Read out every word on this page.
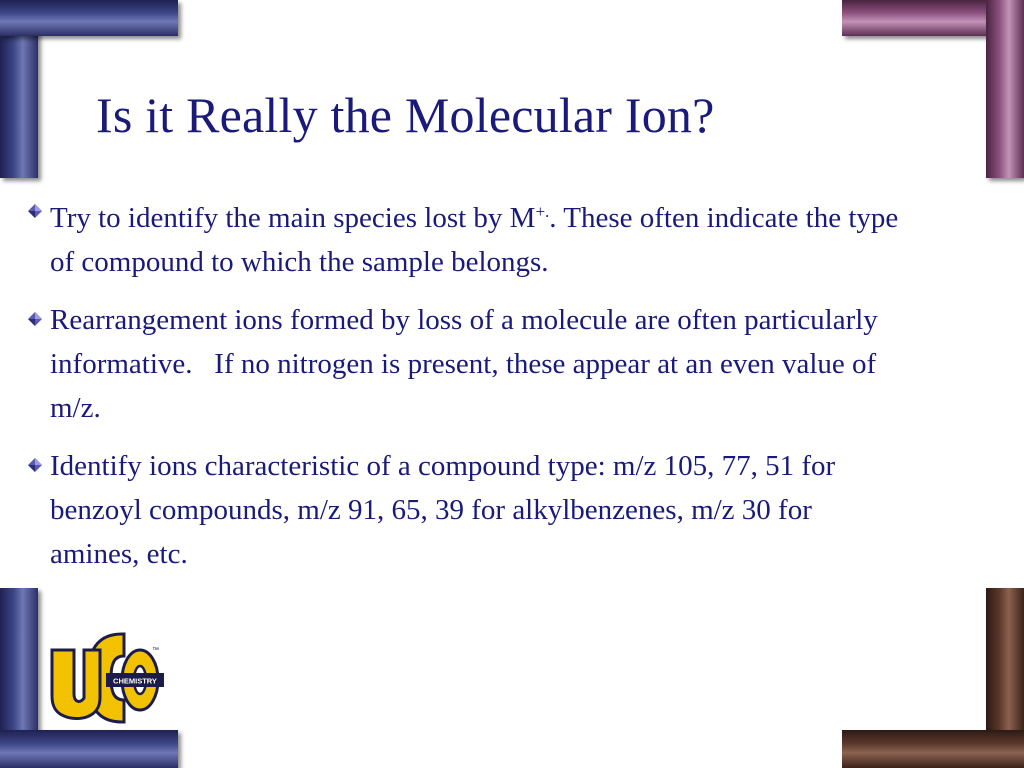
Is it Really the Molecular Ion?
Try to identify the main species lost by M+.. These often indicate the type of compound to which the sample belongs.
Rearrangement ions formed by loss of a molecule are often particularly informative.   If no nitrogen is present, these appear at an even value of m/z.
Identify ions characteristic of a compound type: m/z 105, 77, 51 for benzoyl compounds, m/z 91, 65, 39 for alkylbenzenes, m/z 30 for amines, etc.
CHEMISTRY
™
